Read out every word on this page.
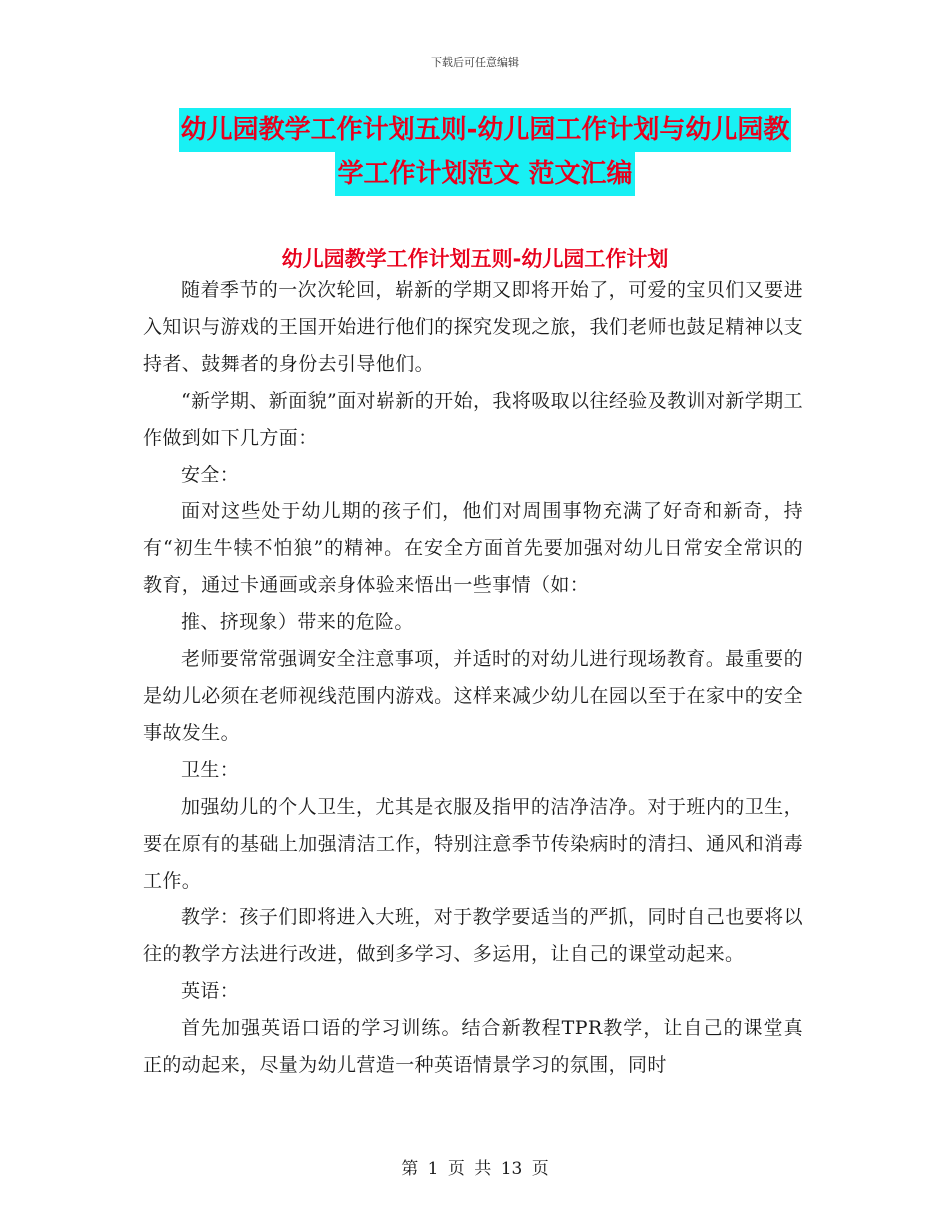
下载后可任意编辑
幼儿园教学工作计划五则-幼儿园工作计划与幼儿园教
学工作计划范文 范文汇编
幼儿园教学工作计划五则-幼儿园工作计划

随着季节的一次次轮回，崭新的学期又即将开始了，可爱的宝贝们又要进入知识与游戏的王国开始进行他们的探究发现之旅，我们老师也鼓足精神以支持者、鼓舞者的身份去引导他们。

“新学期、新面貌”面对崭新的开始，我将吸取以往经验及教训对新学期工作做到如下几方面：

安全：

面对这些处于幼儿期的孩子们，他们对周围事物充满了好奇和新奇，持有“初生牛犊不怕狼”的精神。在安全方面首先要加强对幼儿日常安全常识的教育，通过卡通画或亲身体验来悟出一些事情（如：

推、挤现象）带来的危险。

老师要常常强调安全注意事项，并适时的对幼儿进行现场教育。最重要的是幼儿必须在老师视线范围内游戏。这样来减少幼儿在园以至于在家中的安全事故发生。

卫生：

加强幼儿的个人卫生，尤其是衣服及指甲的洁净洁净。对于班内的卫生，要在原有的基础上加强清洁工作，特别注意季节传染病时的清扫、通风和消毒工作。

教学：孩子们即将进入大班，对于教学要适当的严抓，同时自己也要将以往的教学方法进行改进，做到多学习、多运用，让自己的课堂动起来。

英语：

首先加强英语口语的学习训练。结合新教程TPR教学，让自己的课堂真正的动起来，尽量为幼儿营造一种英语情景学习的氛围，同时

第 1 页 共 13 页
